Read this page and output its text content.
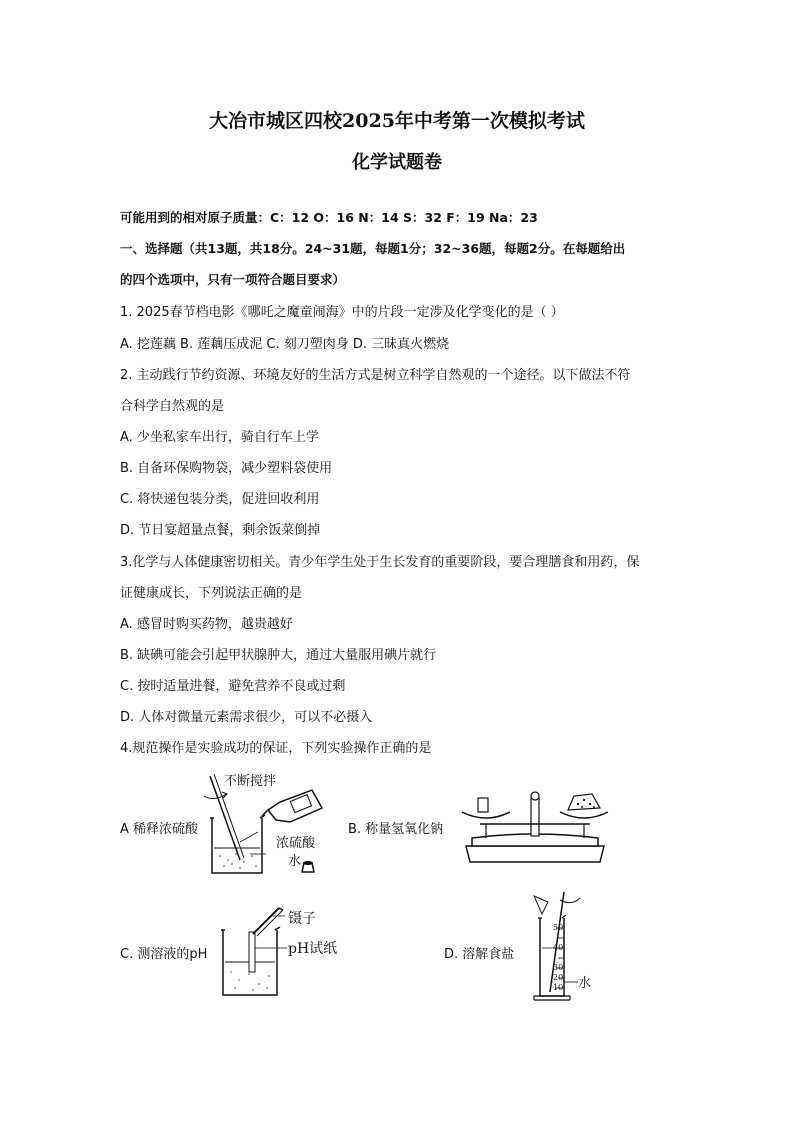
大冶市城区四校2025年中考第一次模拟考试
化学试题卷
可能用到的相对原子质量：C：12 O：16 N：14 S：32 F：19 Na：23
一、选择题（共13题，共18分。24~31题，每题1分；32~36题，每题2分。在每题给出
的四个选项中，只有一项符合题目要求）
1. 2025春节档电影《哪吒之魔童闹海》中的片段一定涉及化学变化的是（ ）
A. 挖莲藕 B. 莲藕压成泥 C. 刻刀塑肉身 D. 三昧真火燃烧
2. 主动践行节约资源、环境友好的生活方式是树立科学自然观的一个途径。以下做法不符
合科学自然观的是
A. 少坐私家车出行，骑自行车上学
B. 自备环保购物袋，减少塑料袋使用
C. 将快递包装分类，促进回收利用
D. 节日宴超量点餐，剩余饭菜倒掉
3.化学与人体健康密切相关。青少年学生处于生长发育的重要阶段，要合理膳食和用药，保
证健康成长，下列说法正确的是
A. 感冒时购买药物，越贵越好
B. 缺碘可能会引起甲状腺肿大，通过大量服用碘片就行
C. 按时适量进餐，避免营养不良或过剩
D. 人体对微量元素需求很少，可以不必摄入
4.规范操作是实验成功的保证，下列实验操作正确的是
A 稀释浓硫酸
不断搅拌
浓硫酸
水
B. 称量氢氧化钠
C. 测溶液的pH
镊子
pH试纸	D. 溶解食盐
50
40
30
20
10 水
